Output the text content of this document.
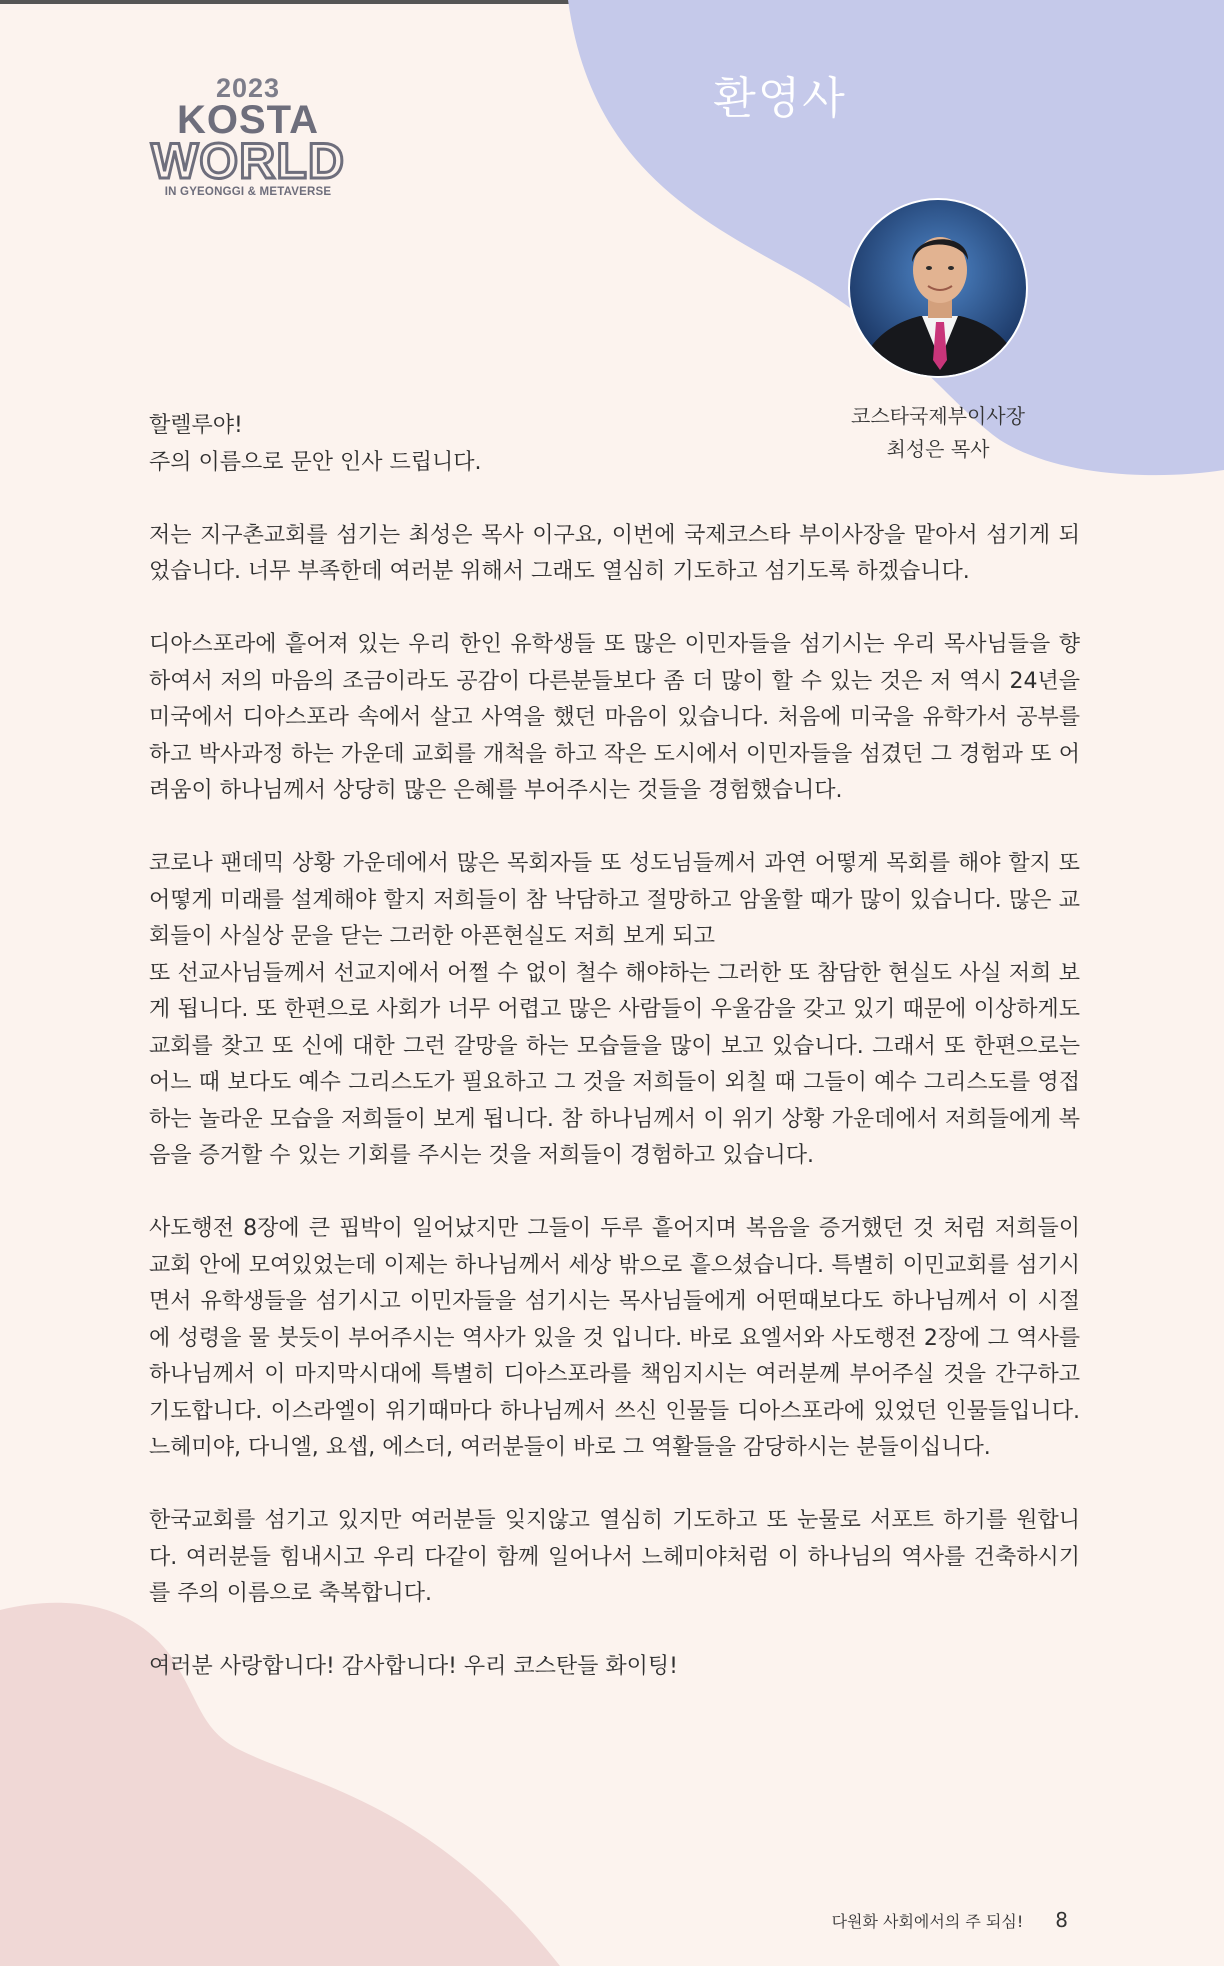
2023
KOSTA
WORLD
IN GYEONGGI & METAVERSE
환영사
코스타국제부이사장
최성은 목사

할렐루야!
주의 이름으로 문안 인사 드립니다.

저는 지구촌교회를 섬기는 최성은 목사 이구요, 이번에 국제코스타 부이사장을 맡아서 섬기게 되었습니다. 너무 부족한데 여러분 위해서 그래도 열심히 기도하고 섬기도록 하겠습니다.

디아스포라에 흩어져 있는 우리 한인 유학생들 또 많은 이민자들을 섬기시는 우리 목사님들을 향하여서 저의 마음의 조금이라도 공감이 다른분들보다 좀 더 많이 할 수 있는 것은 저 역시 24년을 미국에서 디아스포라 속에서 살고 사역을 했던 마음이 있습니다. 처음에 미국을 유학가서 공부를 하고 박사과정 하는 가운데 교회를 개척을 하고 작은 도시에서 이민자들을 섬겼던 그 경험과 또 어려움이 하나님께서 상당히 많은 은혜를 부어주시는 것들을 경험했습니다.

코로나 팬데믹 상황 가운데에서 많은 목회자들 또 성도님들께서 과연 어떻게 목회를 해야 할지 또 어떻게 미래를 설계해야 할지 저희들이 참 낙담하고 절망하고 암울할 때가 많이 있습니다. 많은 교회들이 사실상 문을 닫는 그러한 아픈현실도 저희 보게 되고

또 선교사님들께서 선교지에서 어쩔 수 없이 철수 해야하는 그러한 또 참담한 현실도 사실 저희 보게 됩니다. 또 한편으로 사회가 너무 어렵고 많은 사람들이 우울감을 갖고 있기 때문에 이상하게도 교회를 찾고 또 신에 대한 그런 갈망을 하는 모습들을 많이 보고 있습니다. 그래서 또 한편으로는 어느 때 보다도 예수 그리스도가 필요하고 그 것을 저희들이 외칠 때 그들이 예수 그리스도를 영접하는 놀라운 모습을 저희들이 보게 됩니다. 참 하나님께서 이 위기 상황 가운데에서 저희들에게 복음을 증거할 수 있는 기회를 주시는 것을 저희들이 경험하고 있습니다.

사도행전 8장에 큰 핍박이 일어났지만 그들이 두루 흩어지며 복음을 증거했던 것 처럼 저희들이 교회 안에 모여있었는데 이제는 하나님께서 세상 밖으로 흩으셨습니다. 특별히 이민교회를 섬기시면서 유학생들을 섬기시고 이민자들을 섬기시는 목사님들에게 어떤때보다도 하나님께서 이 시절에 성령을 물 붓듯이 부어주시는 역사가 있을 것 입니다. 바로 요엘서와 사도행전 2장에 그 역사를 하나님께서 이 마지막시대에 특별히 디아스포라를 책임지시는 여러분께 부어주실 것을 간구하고 기도합니다. 이스라엘이 위기때마다 하나님께서 쓰신 인물들 디아스포라에 있었던 인물들입니다. 느헤미야, 다니엘, 요셉, 에스더, 여러분들이 바로 그 역활들을 감당하시는 분들이십니다.

한국교회를 섬기고 있지만 여러분들 잊지않고 열심히 기도하고 또 눈물로 서포트 하기를 원합니다. 여러분들 힘내시고 우리 다같이 함께 일어나서 느헤미야처럼 이 하나님의 역사를 건축하시기를 주의 이름으로 축복합니다.

여러분 사랑합니다! 감사합니다! 우리 코스탄들 화이팅!

다원화 사회에서의 주 되심! 8
